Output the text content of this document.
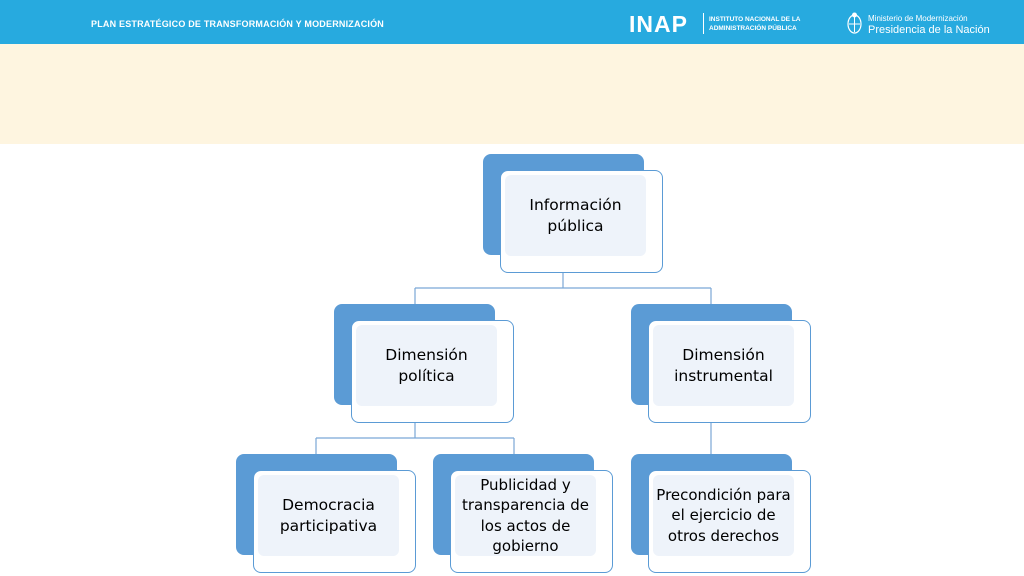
PLAN ESTRATÉGICO DE TRANSFORMACIÓN Y MODERNIZACIÓN	INAP	INSTITUTO NACIONAL DE LA
ADMINISTRACIÓN PÚBLICA
Ministerio de Modernización
Presidencia de la Nación
Información pública
Dimensión política
Dimensión instrumental
Democracia participativa
Publicidad y transparencia de los actos de gobierno
Precondición para el ejercicio de otros derechos
